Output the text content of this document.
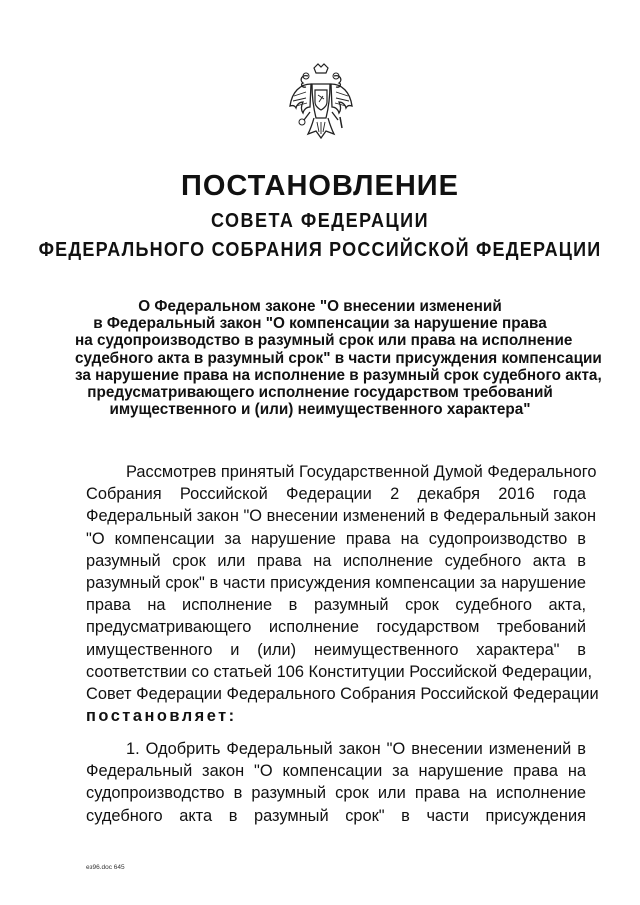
ПОСТАНОВЛЕНИЕ
СОВЕТА ФЕДЕРАЦИИ
ФЕДЕРАЛЬНОГО СОБРАНИЯ РОССИЙСКОЙ ФЕДЕРАЦИИ
О Федеральном законе "О внесении изменений
в Федеральный закон "О компенсации за нарушение права
на судопроизводство в разумный срок или права на исполнение
судебного акта в разумный срок" в части присуждения компенсации
за нарушение права на исполнение в разумный срок судебного акта,
предусматривающего исполнение государством требований
имущественного и (или) неимущественного характера"
Рассмотрев принятый Государственной Думой Федерального
Собрания Российской Федерации 2 декабря 2016 года
Федеральный закон "О внесении изменений в Федеральный закон
"О компенсации за нарушение права на судопроизводство в
разумный срок или права на исполнение судебного акта в
разумный срок" в части присуждения компенсации за нарушение
права на исполнение в разумный срок судебного акта,
предусматривающего исполнение государством требований
имущественного и (или) неимущественного характера" в
соответствии со статьей 106 Конституции Российской Федерации,
Совет Федерации Федерального Собрания Российской Федерации
постановляет:
1. Одобрить Федеральный закон "О внесении изменений в
Федеральный закон "О компенсации за нарушение права на
судопроизводство в разумный срок или права на исполнение
судебного акта в разумный срок" в части присуждения
ез96.doc 645
